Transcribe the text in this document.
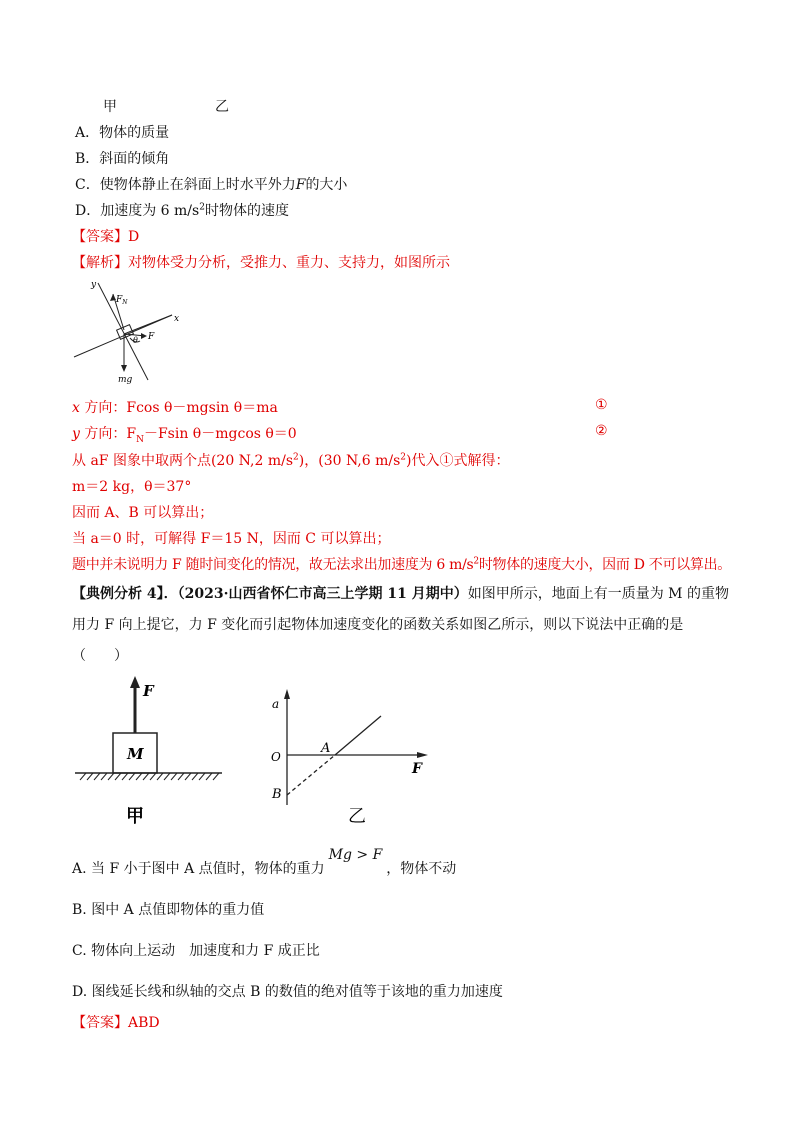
甲	乙
A．物体的质量
B．斜面的倾角
C．使物体静止在斜面上时水平外力F的大小
D．加速度为 6 $m/s^2$时物体的速度
【答案】D
【解析】对物体受力分析，受推力、重力、支持力，如图所示
y
x
$F_N$
F
θ
mg
x 方向：Fcos θ－mgsin θ＝ma	①
y 方向：$F_N-Fsin$ θ－mgcos θ＝0	②
从 aF 图象中取两个点(20 N,2 $m/s^2$)，(30 N,6 $m/s^2$)代入①式解得：
m＝2 kg，θ＝37°
因而 A、B 可以算出；
当 a＝0 时，可解得 F＝15 N，因而 C 可以算出；
题中并未说明力 F 随时间变化的情况，故无法求出加速度为 6 $m/s^2$时物体的速度大小，因而 D 不可以算出。
【典例分析 4】．（2023·山西省怀仁市高三上学期 11 月期中）如图甲所示，地面上有一质量为 M 的重物
用力 F 向上提它，力 F 变化而引起物体加速度变化的函数关系如图乙所示，则以下说法中正确的是
（　　）
F
M
甲
a
O
A
B
F
乙
A. 当 F 小于图中 A 点值时，物体的重力Mg > F，物体不动
B. 图中 A 点值即物体的重力值
C. 物体向上运动　加速度和力 F 成正比
D. 图线延长线和纵轴的交点 B 的数值的绝对值等于该地的重力加速度
【答案】ABD
